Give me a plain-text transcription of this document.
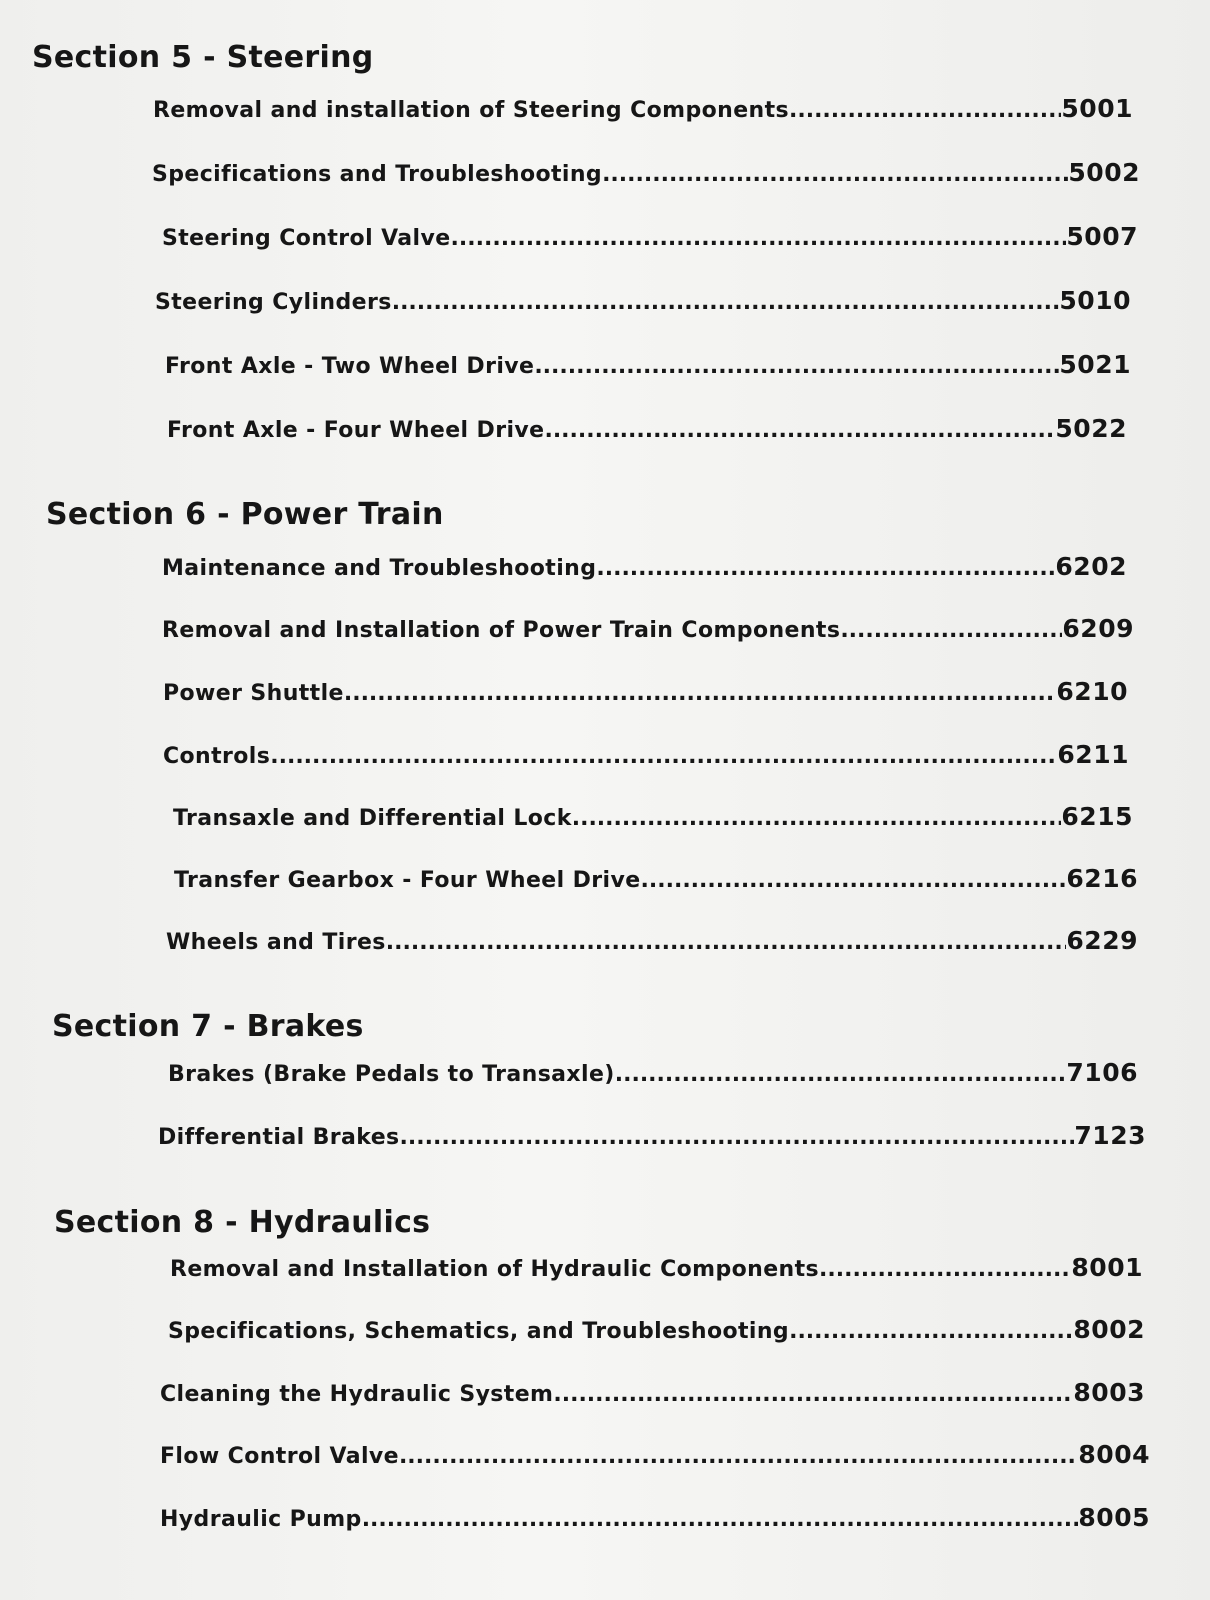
Section 5 - Steering
Removal and installation of Steering Components .....	5001
Specifications and Troubleshooting .....	5002
Steering Control Valve .....	5007
Steering Cylinders .....	5010
Front Axle - Two Wheel Drive .....	5021
Front Axle - Four Wheel Drive .....	5022
Section 6 - Power Train
Maintenance and Troubleshooting .....	6202
Removal and Installation of Power Train Components .....	6209
Power Shuttle .....	6210
Controls .....	6211
Transaxle and Differential Lock .....	6215
Transfer Gearbox - Four Wheel Drive .....	6216
Wheels and Tires .....	6229
Section 7 - Brakes
Brakes (Brake Pedals to Transaxle) .....	7106
Differential Brakes .....	7123
Section 8 - Hydraulics
Removal and Installation of Hydraulic Components .....	8001
Specifications, Schematics, and Troubleshooting .....	8002
Cleaning the Hydraulic System .....	8003
Flow Control Valve .....	8004
Hydraulic Pump .....	8005
